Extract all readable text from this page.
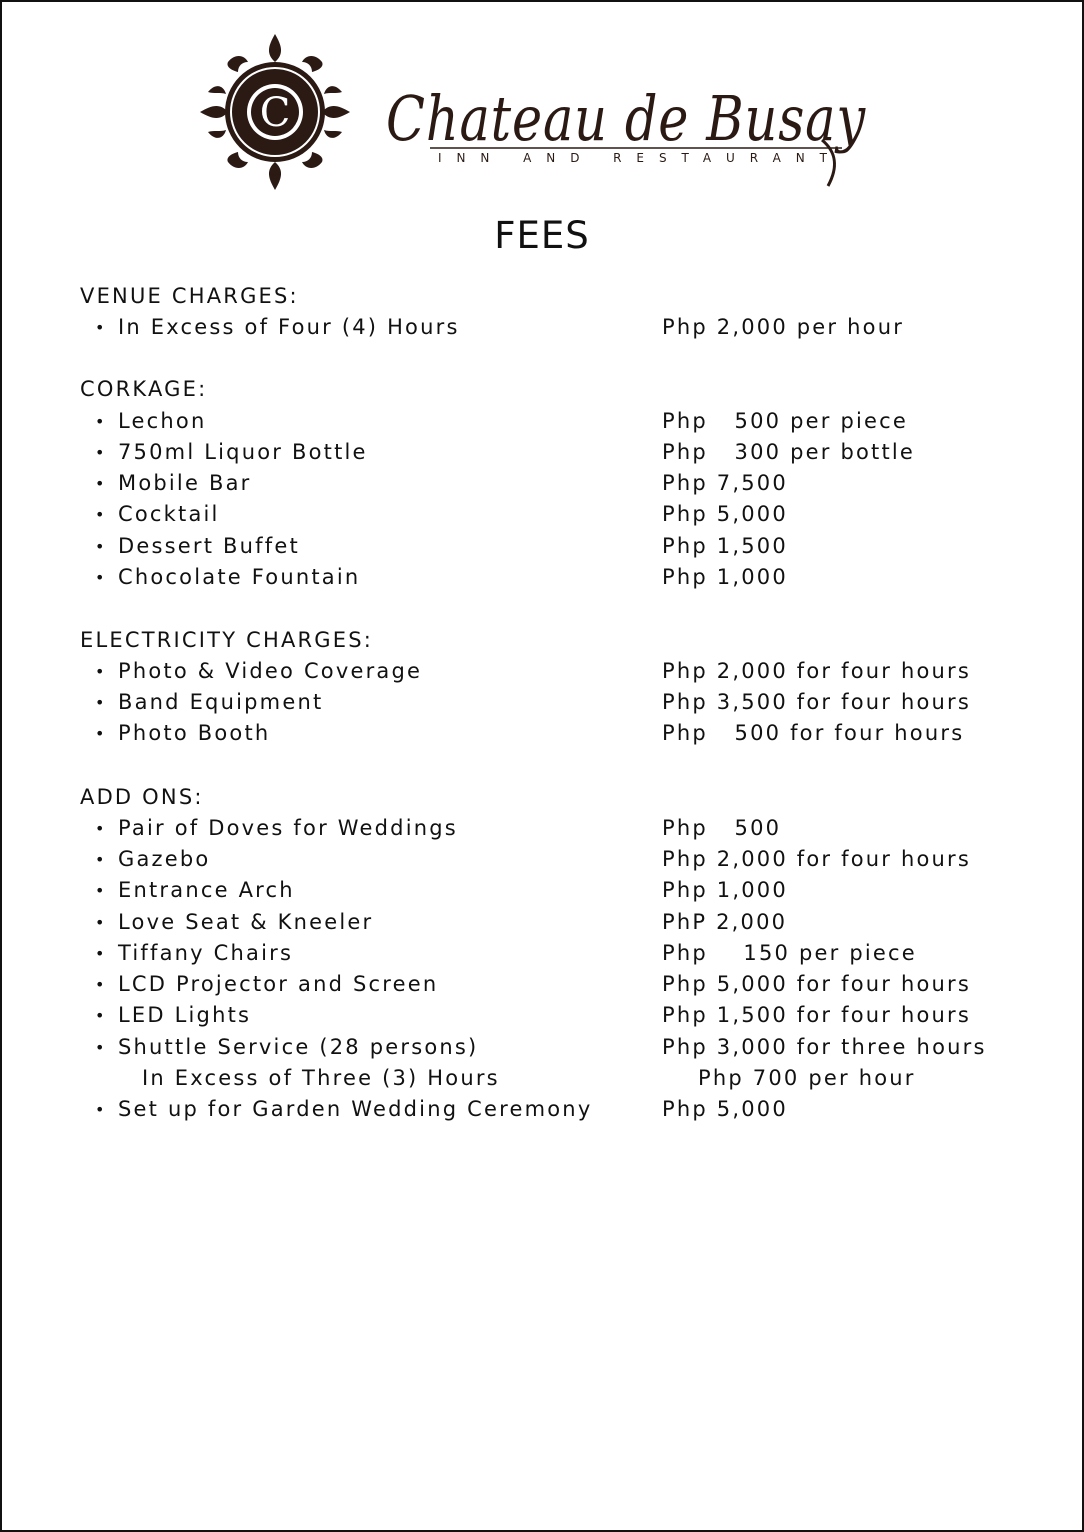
C Chateau de Busay
INN AND RESTAURANT
FEES
VENUE CHARGES:
• In Excess of Four (4) Hours	Php 2,000 per hour
CORKAGE:
• Lechon	Php   500 per piece
• 750ml Liquor Bottle	Php   300 per bottle
• Mobile Bar	Php 7,500
• Cocktail	Php 5,000
• Dessert Buffet	Php 1,500
• Chocolate Fountain	Php 1,000
ELECTRICITY CHARGES:
• Photo & Video Coverage	Php 2,000 for four hours
• Band Equipment	Php 3,500 for four hours
• Photo Booth	Php   500 for four hours
ADD ONS:
• Pair of Doves for Weddings	Php   500
• Gazebo	Php 2,000 for four hours
• Entrance Arch	Php 1,000
• Love Seat & Kneeler	PhP 2,000
• Tiffany Chairs	Php    150 per piece
• LCD Projector and Screen	Php 5,000 for four hours
• LED Lights	Php 1,500 for four hours
• Shuttle Service (28 persons)	Php 3,000 for three hours
In Excess of Three (3) Hours	Php 700 per hour
• Set up for Garden Wedding Ceremony	Php 5,000
